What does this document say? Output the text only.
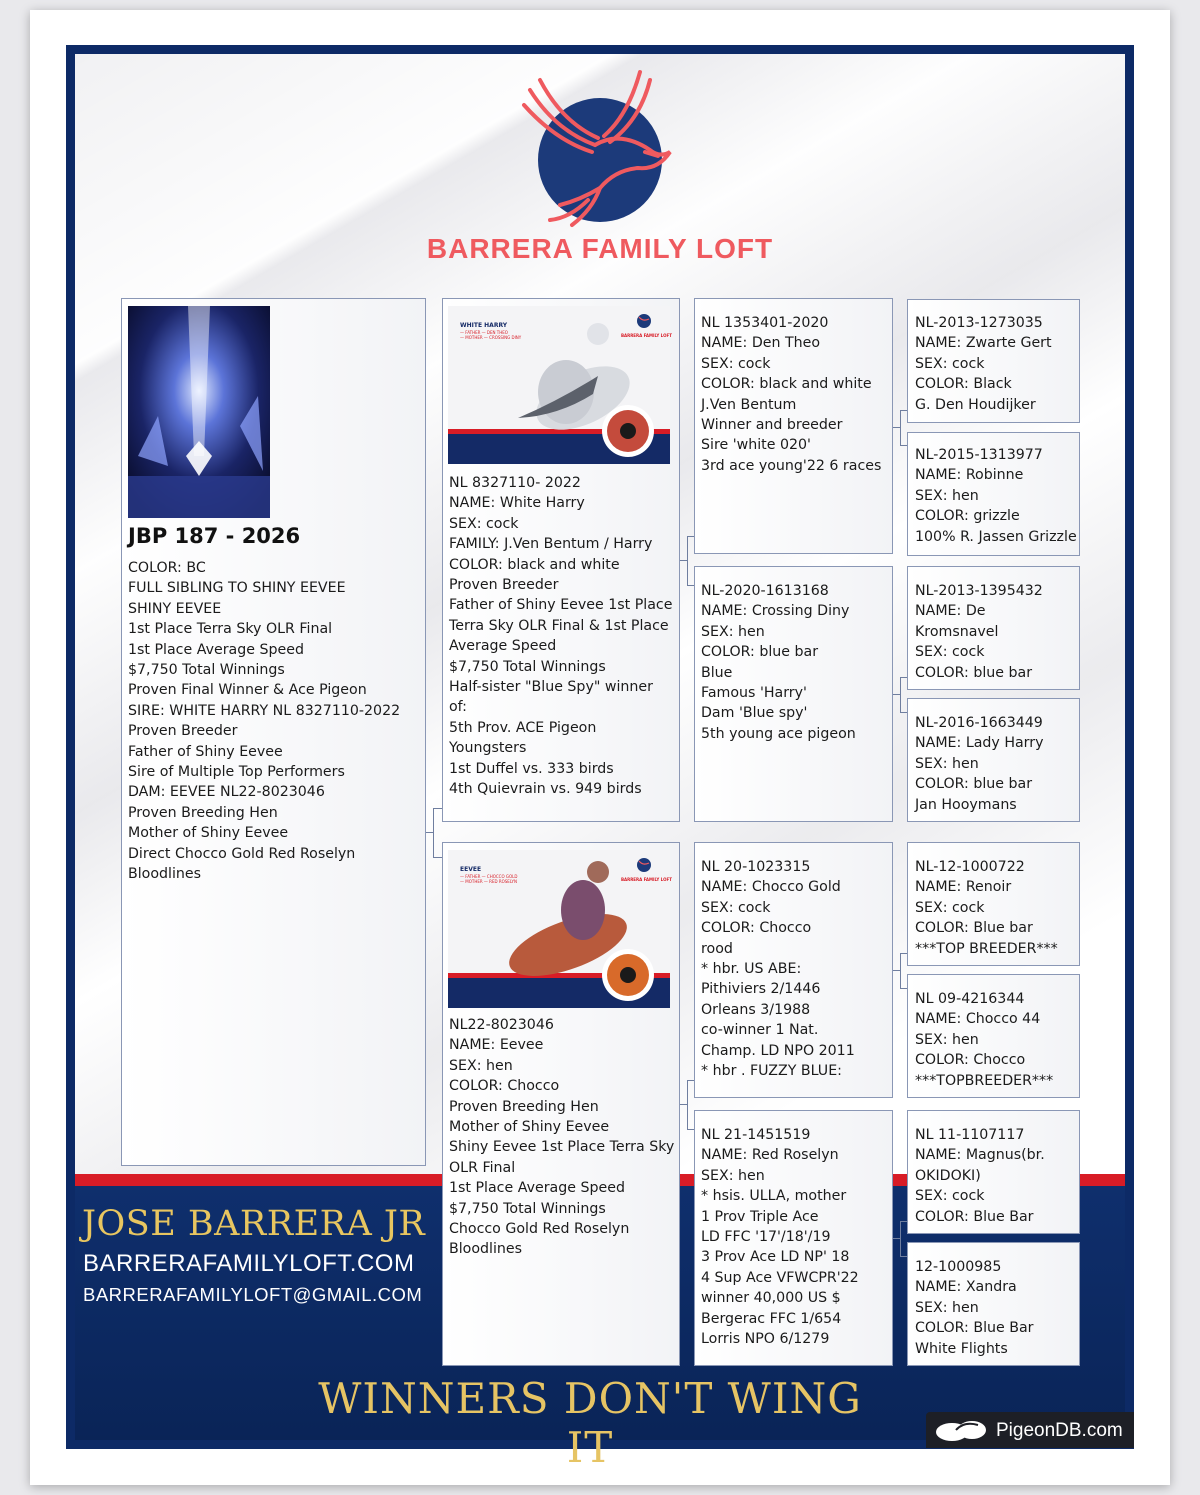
BARRERA FAMILY LOFT
JBP 187 - 2026
COLOR: BC
FULL SIBLING TO SHINY EEVEE
SHINY EEVEE
1st Place Terra Sky OLR Final
1st Place Average Speed
$7,750 Total Winnings
Proven Final Winner & Ace Pigeon
SIRE: WHITE HARRY NL 8327110-2022
Proven Breeder
Father of Shiny Eevee
Sire of Multiple Top Performers
DAM: EEVEE NL22-8023046
Proven Breeding Hen
Mother of Shiny Eevee
Direct Chocco Gold Red Roselyn
Bloodlines
WHITE HARRY
— FATHER — DEN THEO
— MOTHER — CROSSING DINY	BARRERA FAMILY LOFT
NL 8327110- 2022
NAME: White Harry
SEX: cock
FAMILY: J.Ven Bentum / Harry
COLOR: black and white
Proven Breeder
Father of Shiny Eevee 1st Place
Terra Sky OLR Final & 1st Place
Average Speed
$7,750 Total Winnings
Half-sister "Blue Spy" winner
of:
5th Prov. ACE Pigeon
Youngsters
1st Duffel vs. 333 birds
4th Quievrain vs. 949 birds
EEVEE
— FATHER — CHOCCO GOLD
— MOTHER — RED ROSELYN	BARRERA FAMILY LOFT
NL22-8023046
NAME: Eevee
SEX: hen
COLOR: Chocco
Proven Breeding Hen
Mother of Shiny Eevee
Shiny Eevee 1st Place Terra Sky
OLR Final
1st Place Average Speed
$7,750 Total Winnings
Chocco Gold Red Roselyn
Bloodlines
NL 1353401-2020
NAME: Den Theo
SEX: cock
COLOR: black and white
J.Ven Bentum
Winner and breeder
Sire 'white 020'
3rd ace young'22 6 races
NL-2020-1613168
NAME: Crossing Diny
SEX: hen
COLOR: blue bar
Blue
Famous 'Harry'
Dam 'Blue spy'
5th young ace pigeon
NL 20-1023315
NAME: Chocco Gold
SEX: cock
COLOR: Chocco
rood
* hbr. US ABE:
Pithiviers 2/1446
Orleans 3/1988
co-winner 1 Nat.
Champ. LD NPO 2011
* hbr . FUZZY BLUE:
NL 21-1451519
NAME: Red Roselyn
SEX: hen
* hsis. ULLA, mother
1 Prov Triple Ace
LD FFC '17'/18'/19
3 Prov Ace LD NP' 18
4 Sup Ace VFWCPR'22
winner 40,000 US $
Bergerac FFC 1/654
Lorris NPO 6/1279
NL-2013-1273035
NAME: Zwarte Gert
SEX: cock
COLOR: Black
G. Den Houdijker
NL-2015-1313977
NAME: Robinne
SEX: hen
COLOR: grizzle
100% R. Jassen Grizzle
NL-2013-1395432
NAME: De
Kromsnavel
SEX: cock
COLOR: blue bar
NL-2016-1663449
NAME: Lady Harry
SEX: hen
COLOR: blue bar
Jan Hooymans
NL-12-1000722
NAME: Renoir
SEX: cock
COLOR: Blue bar
***TOP BREEDER***
NL 09-4216344
NAME: Chocco 44
SEX: hen
COLOR: Chocco
***TOPBREEDER***
NL 11-1107117
NAME: Magnus(br.
OKIDOKI)
SEX: cock
COLOR: Blue Bar
12-1000985
NAME: Xandra
SEX: hen
COLOR: Blue Bar
White Flights
JOSE BARRERA JR
BARRERAFAMILYLOFT.COM
BARRERAFAMILYLOFT@GMAIL.COM
WINNERS DON'T WING IT	PigeonDB.com
